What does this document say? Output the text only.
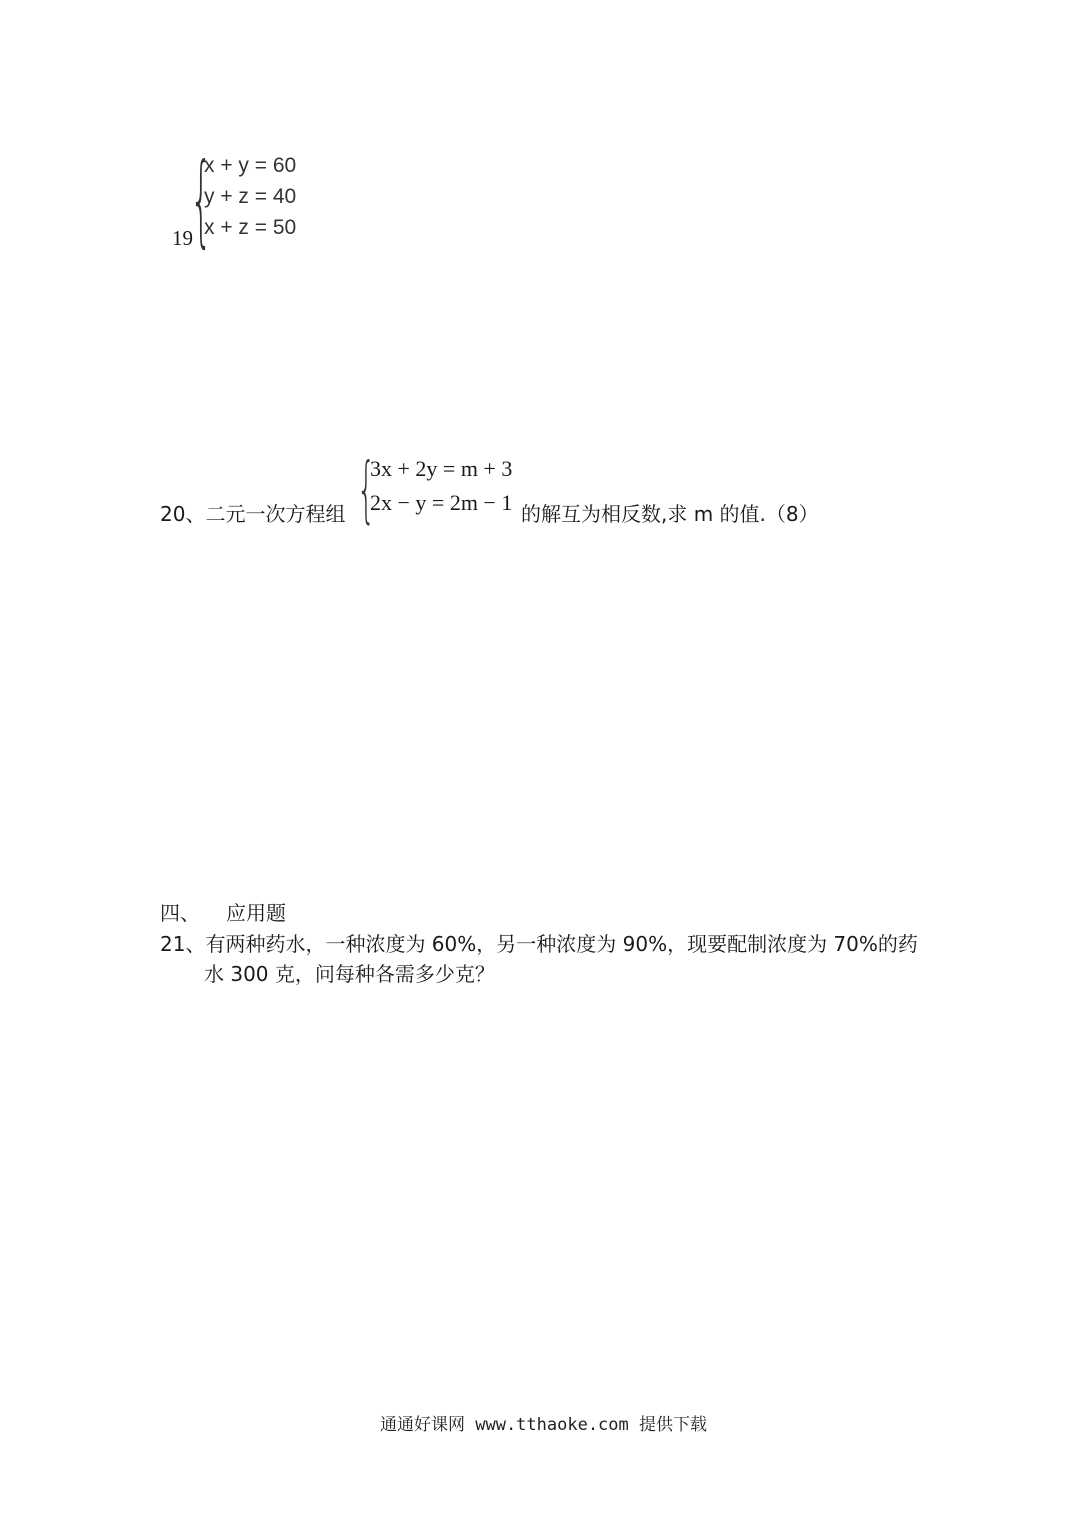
19
{
x + y = 60
y + z = 40
x + z = 50
20、二元一次方程组 {
3x + 2y = m + 3
2x − y = 2m − 1 的解互为相反数,求 m 的值.（8）
四、 应用题
21、有两种药水，一种浓度为 60%，另一种浓度为 90%，现要配制浓度为 70%的药
水 300 克，问每种各需多少克？
通通好课网 www.tthaoke.com 提供下载
